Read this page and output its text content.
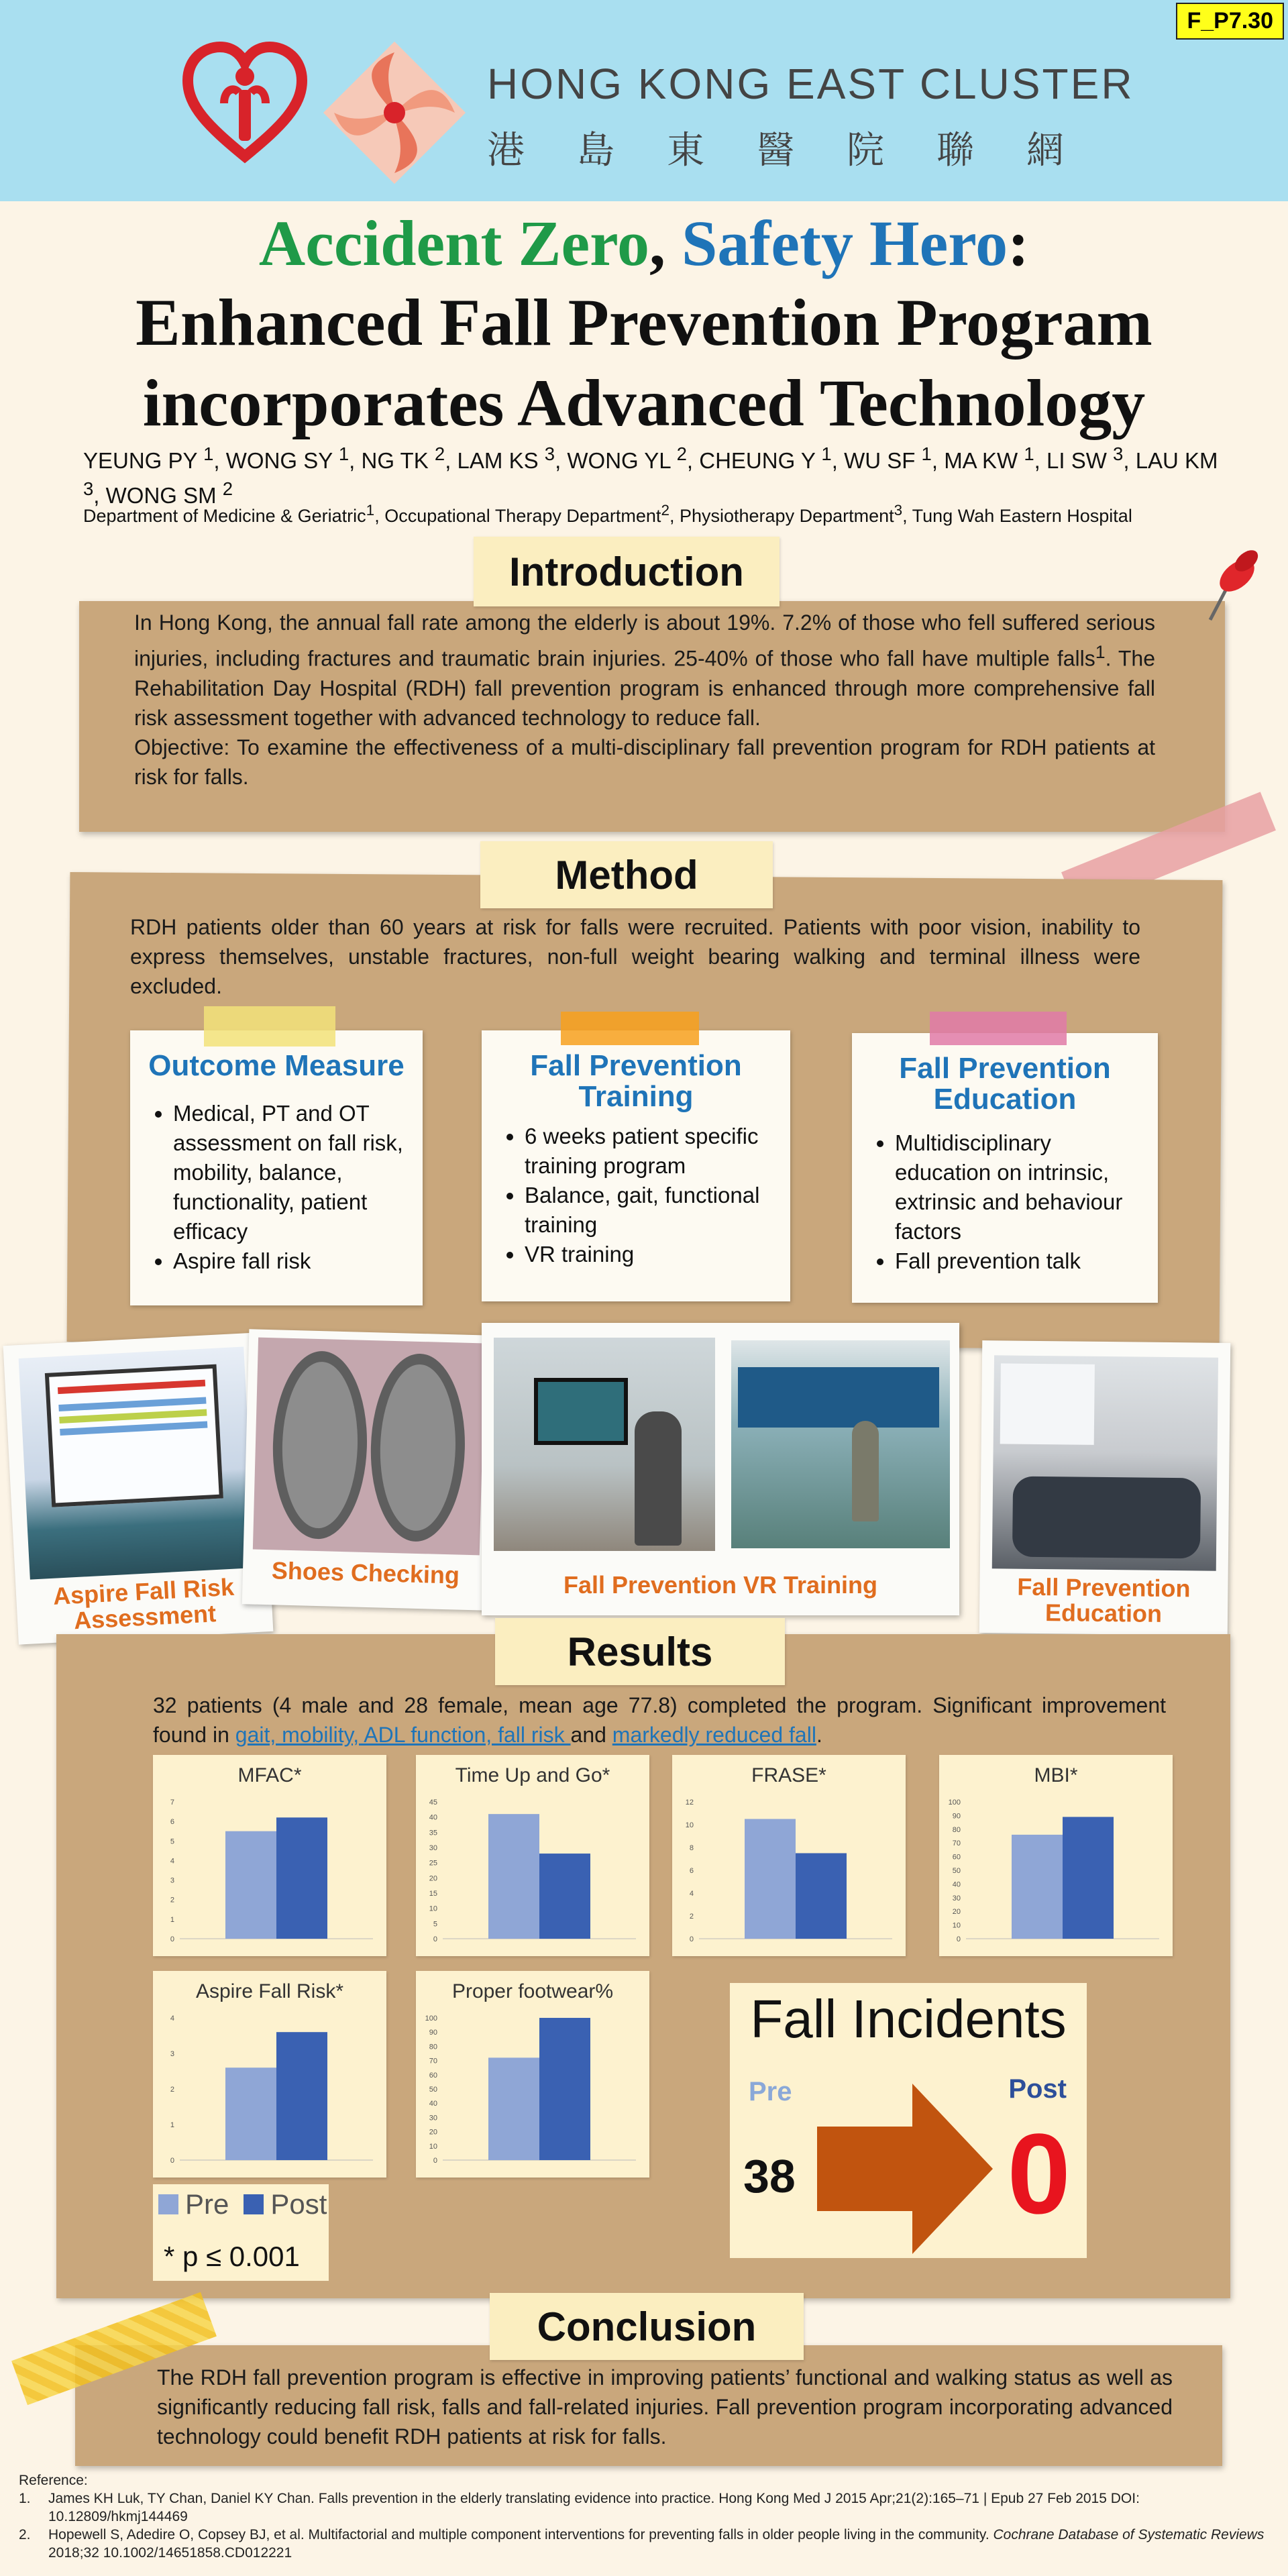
F_P7.30
HONG KONG EAST CLUSTER
港 島 東 醫 院 聯 網
Accident Zero, Safety Hero:
Enhanced Fall Prevention Program
incorporates Advanced Technology
YEUNG PY $^1$, WONG SY $^1$, NG TK $^2$, LAM KS $^3$, WONG YL $^2$, CHEUNG Y $^1$, WU SF $^1$, MA KW $^1$, LI SW $^3$, LAU KM $^3$, WONG SM $^2$
Department of Medicine & Geriatric$^1$, Occupational Therapy Department$^2$, Physiotherapy Department$^3$, Tung Wah Eastern Hospital
Introduction
In Hong Kong, the annual fall rate among the elderly is about 19%. 7.2% of those who fell suffered serious injuries, including fractures and traumatic brain injuries. 25-40% of those who fall have multiple falls$^1$. The Rehabilitation Day Hospital (RDH) fall prevention program is enhanced through more comprehensive fall risk assessment together with advanced technology to reduce fall.
Objective: To examine the effectiveness of a multi-disciplinary fall prevention program for RDH patients at risk for falls.
Method
RDH patients older than 60 years at risk for falls were recruited. Patients with poor vision, inability to express themselves, unstable fractures, non-full weight bearing walking and terminal illness were excluded.
Outcome Measure
• Medical, PT and OT assessment on fall risk, mobility, balance, functionality, patient efficacy
• Aspire fall risk
Fall Prevention Training
• 6 weeks patient specific training program
• Balance, gait, functional training
• VR training
Fall Prevention Education
• Multidisciplinary education on intrinsic, extrinsic and behaviour factors
• Fall prevention talk
Aspire Fall Risk Assessment
Shoes Checking	Fall Prevention VR Training	Fall Prevention Education
Results
32 patients (4 male and 28 female, mean age 77.8) completed the program. Significant improvement found in gait, mobility, ADL function, fall risk and markedly reduced fall.
0
1
2
3
4
5
6
7
MFAC*
0
5
10
15
20
25
30
35
40
45
Time Up and Go*
0
2
4
6
8
10
12
FRASE*
0
10
20
30
40
50
60
70
80
90
100
MBI*
0
1
2
3
4
Aspire Fall Risk*
0
10
20
30
40
50
60
70
80
90
100
Proper footwear%
Pre Post
* p ≤ 0.001
Fall Incidents
Pre	Post
38 0
Conclusion
The RDH fall prevention program is effective in improving patients’ functional and walking status as well as significantly reducing fall risk, falls and fall-related injuries. Fall prevention program incorporating advanced technology could benefit RDH patients at risk for falls.
Reference:
1.	James KH Luk, TY Chan, Daniel KY Chan. Falls prevention in the elderly translating evidence into practice. Hong Kong Med J 2015 Apr;21(2):165–71 | Epub 27 Feb 2015 DOI: 10.12809/hkmj144469
2.	Hopewell S, Adedire O, Copsey BJ, et al. Multifactorial and multiple component interventions for preventing falls in older people living in the community. Cochrane Database of Systematic Reviews 2018;32 10.1002/14651858.CD012221
